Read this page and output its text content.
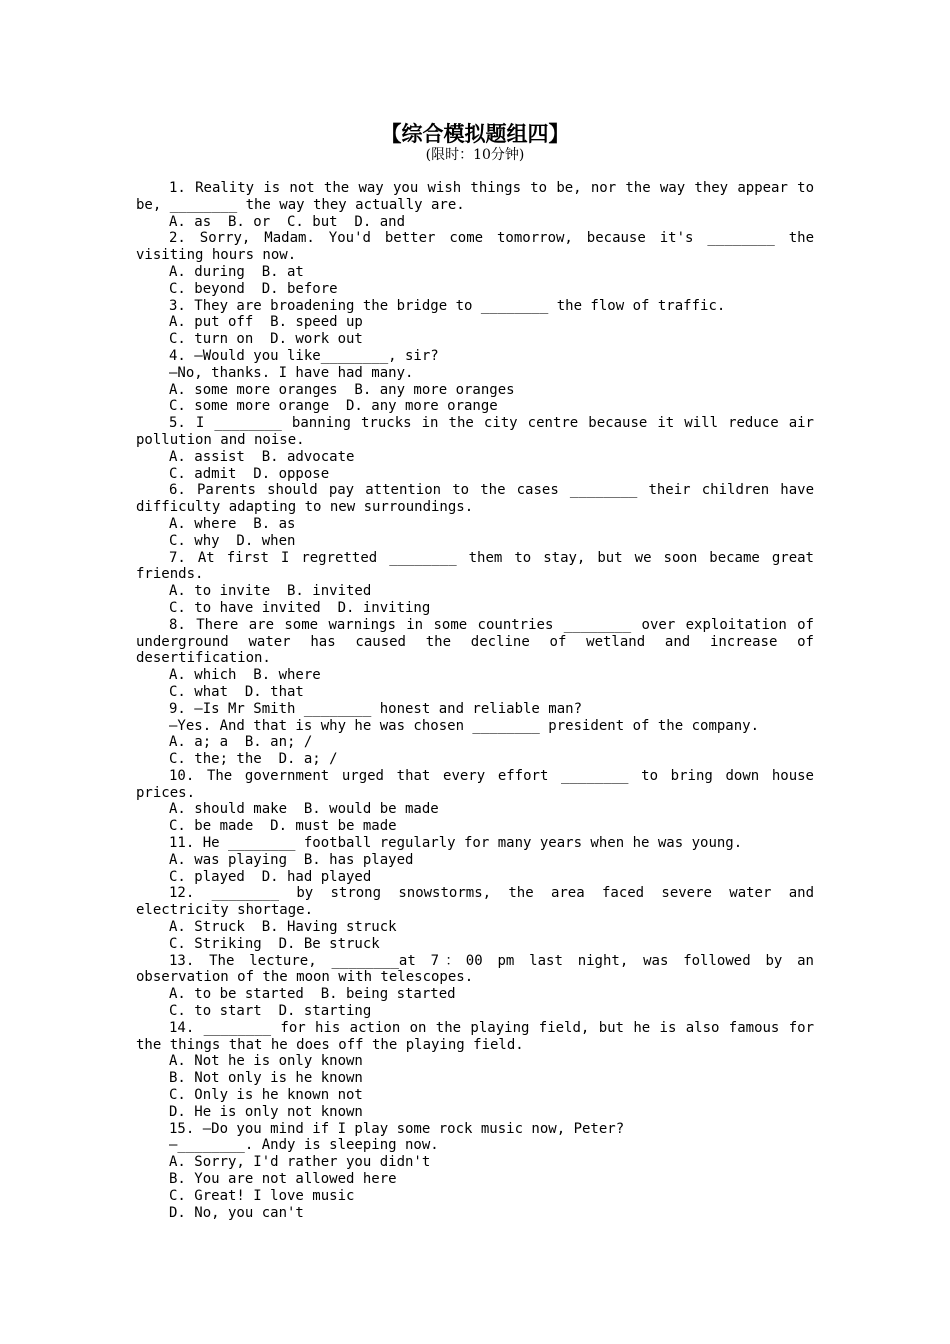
【综合模拟题组四】
(限时：10分钟)

1. Reality is not the way you wish things to be, nor the way they appear to be, ________ the way they actually are.

A. as  B. or  C. but  D. and

2. Sorry, Madam. You'd better come tomorrow, because it's ________ the visiting hours now.

A. during  B. at

C. beyond  D. before

3. They are broadening the bridge to ________ the flow of traffic.

A. put off  B. speed up

C. turn on  D. work out

4. —Would you like________, sir?

—No, thanks. I have had many.

A. some more oranges  B. any more oranges

C. some more orange  D. any more orange

5. I ________ banning trucks in the city centre because it will reduce air pollution and noise.

A. assist  B. advocate

C. admit  D. oppose

6. Parents should pay attention to the cases ________ their children have difficulty adapting to new surroundings.

A. where  B. as

C. why  D. when

7. At first I regretted ________ them to stay, but we soon became great friends.

A. to invite  B. invited

C. to have invited  D. inviting

8. There are some warnings in some countries ________ over exploitation of underground water has caused the decline of wetland and increase of desertification.

A. which  B. where

C. what  D. that

9. —Is Mr Smith ________ honest and reliable man?

—Yes. And that is why he was chosen ________ president of the company.

A. a; a  B. an; /

C. the; the  D. a; /

10. The government urged that every effort ________ to bring down house prices.

A. should make  B. would be made

C. be made  D. must be made

11. He ________ football regularly for many years when he was young.

A. was playing  B. has played

C. played  D. had played

12. ________ by strong snowstorms, the area faced severe water and electricity shortage.

A. Struck  B. Having struck

C. Striking  D. Be struck

13. The lecture, ________at 7：00 pm last night, was followed by an observation of the moon with telescopes.

A. to be started  B. being started

C. to start  D. starting

14. ________ for his action on the playing field, but he is also famous for the things that he does off the playing field.

A. Not he is only known

B. Not only is he known

C. Only is he known not

D. He is only not known

15. —Do you mind if I play some rock music now, Peter?

—________. Andy is sleeping now.

A. Sorry, I'd rather you didn't

B. You are not allowed here

C. Great! I love music

D. No, you can't
